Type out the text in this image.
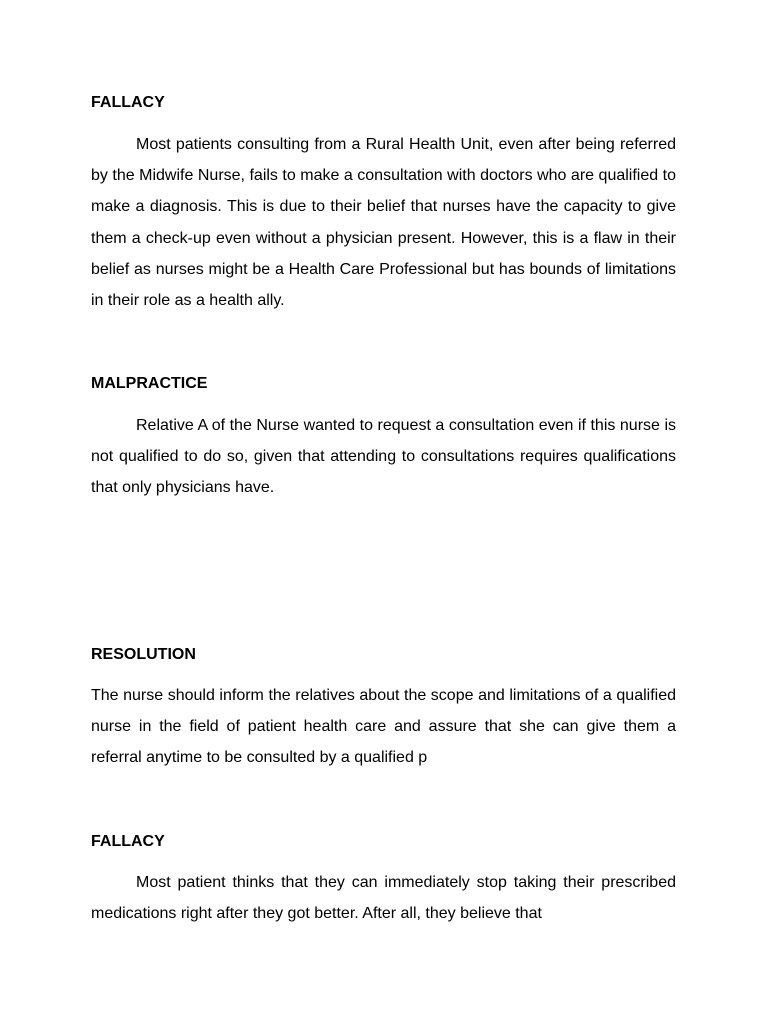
FALLACY

Most patients consulting from a Rural Health Unit, even after being referred by the Midwife Nurse, fails to make a consultation with doctors who are qualified to make a diagnosis. This is due to their belief that nurses have the capacity to give them a check-up even without a physician present. However, this is a flaw in their belief as nurses might be a Health Care Professional but has bounds of limitations in their role as a health ally.

MALPRACTICE

Relative A of the Nurse wanted to request a consultation even if this nurse is not qualified to do so, given that attending to consultations requires qualifications that only physicians have.

RESOLUTION

The nurse should inform the relatives about the scope and limitations of a qualified nurse in the field of patient health care and assure that she can give them a referral anytime to be consulted by a qualified p

FALLACY

Most patient thinks that they can immediately stop taking their prescribed medications right after they got better. After all, they believe that
